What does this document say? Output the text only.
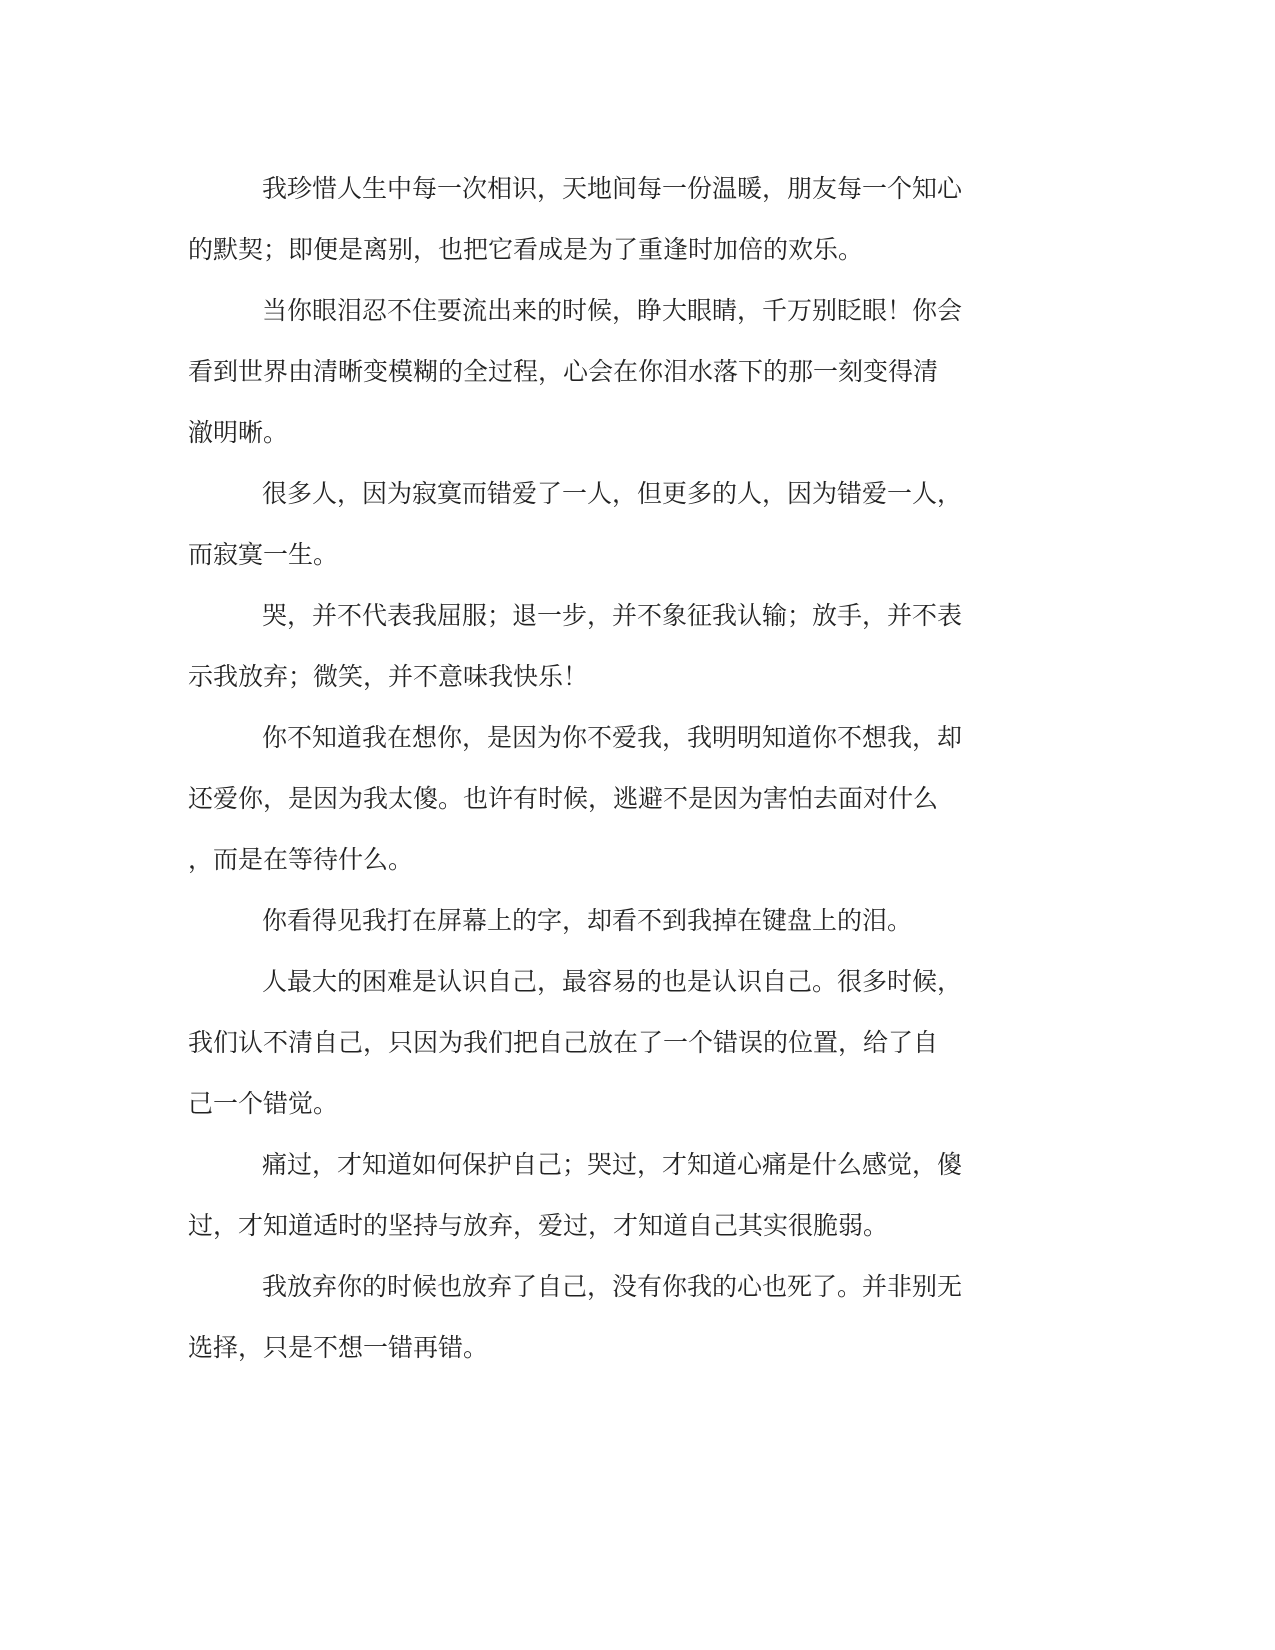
我珍惜人生中每一次相识，天地间每一份温暖，朋友每一个知心
的默契；即便是离别，也把它看成是为了重逢时加倍的欢乐。
当你眼泪忍不住要流出来的时候，睁大眼睛，千万别眨眼！你会
看到世界由清晰变模糊的全过程，心会在你泪水落下的那一刻变得清
澈明晰。
很多人，因为寂寞而错爱了一人，但更多的人，因为错爱一人，
而寂寞一生。
哭，并不代表我屈服；退一步，并不象征我认输；放手，并不表
示我放弃；微笑，并不意味我快乐！
你不知道我在想你，是因为你不爱我，我明明知道你不想我，却
还爱你，是因为我太傻。也许有时候，逃避不是因为害怕去面对什么
，而是在等待什么。
你看得见我打在屏幕上的字，却看不到我掉在键盘上的泪。
人最大的困难是认识自己，最容易的也是认识自己。很多时候，
我们认不清自己，只因为我们把自己放在了一个错误的位置，给了自
己一个错觉。
痛过，才知道如何保护自己；哭过，才知道心痛是什么感觉，傻
过，才知道适时的坚持与放弃，爱过，才知道自己其实很脆弱。
我放弃你的时候也放弃了自己，没有你我的心也死了。并非别无
选择，只是不想一错再错。
